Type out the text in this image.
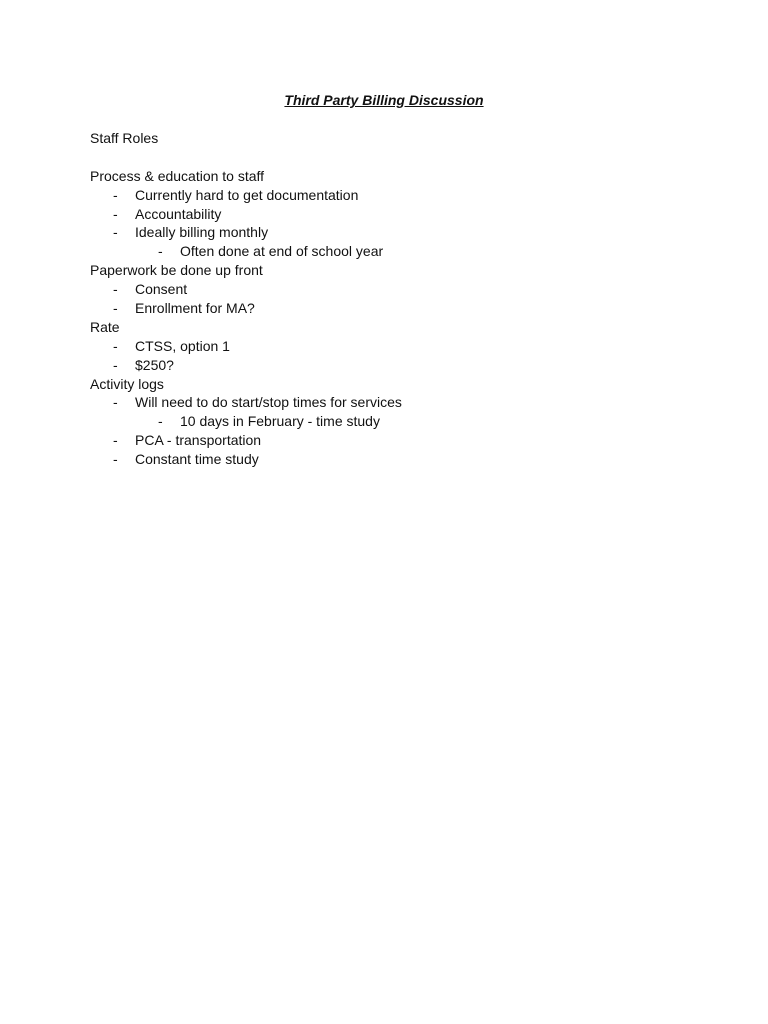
Third Party Billing Discussion
Staff Roles
Process & education to staff
- Currently hard to get documentation
- Accountability
- Ideally billing monthly
- Often done at end of school year
Paperwork be done up front
- Consent
- Enrollment for MA?
Rate
- CTSS, option 1
- $250?
Activity logs
- Will need to do start/stop times for services
- 10 days in February - time study
- PCA - transportation
- Constant time study
